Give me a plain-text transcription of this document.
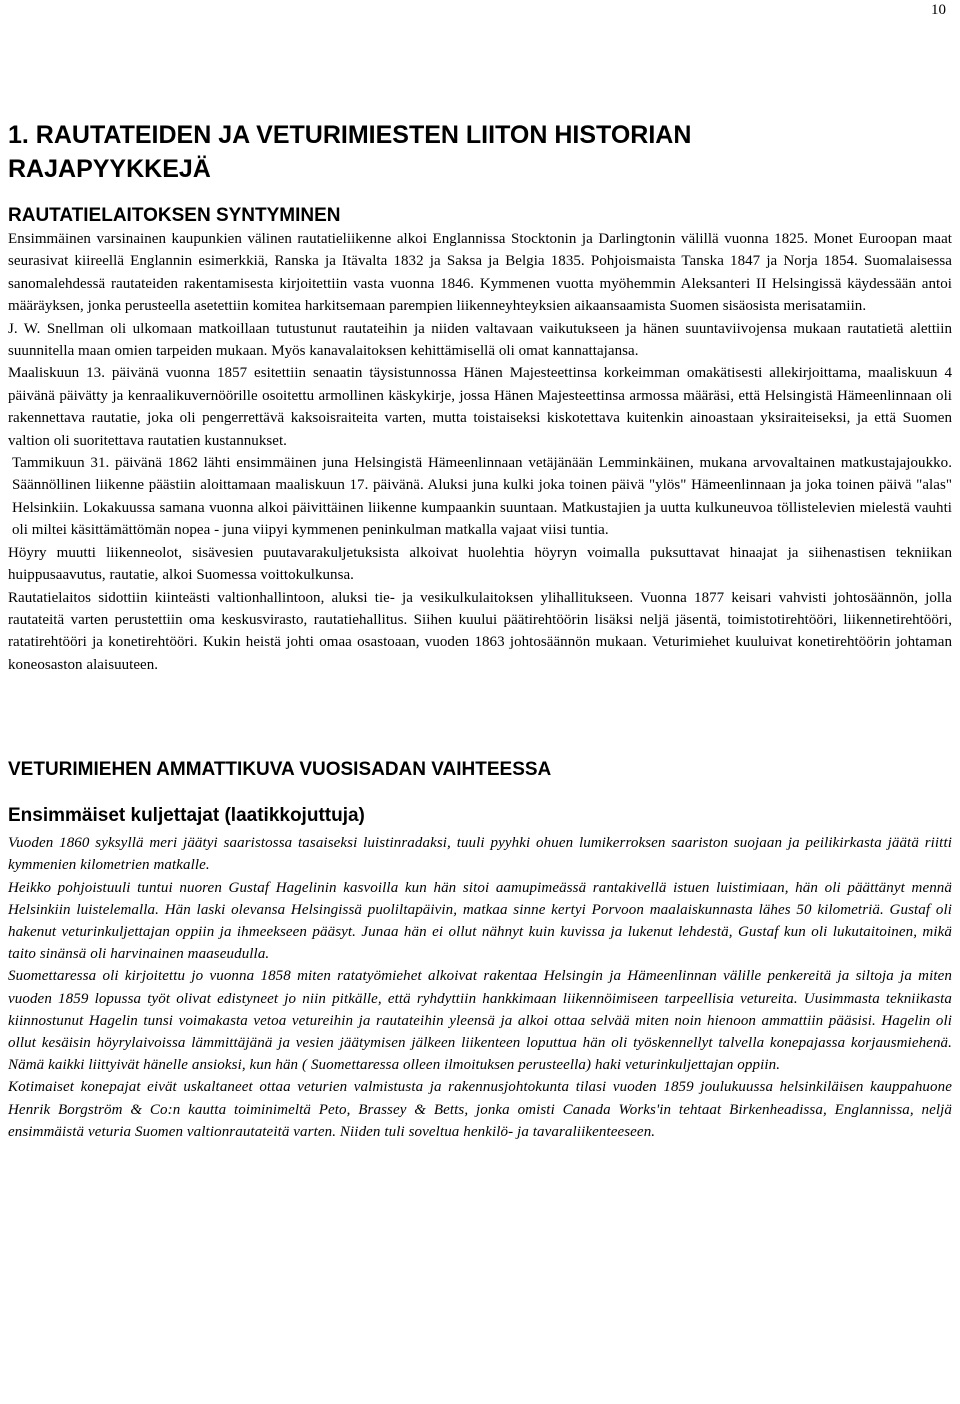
10
1. RAUTATEIDEN JA VETURIMIESTEN LIITON HISTORIAN
RAJAPYYKKEJÄ
RAUTATIELAITOKSEN SYNTYMINEN

Ensimmäinen varsinainen kaupunkien välinen rautatieliikenne alkoi Englannissa Stocktonin ja Darlingtonin välillä vuonna 1825. Monet Euroopan maat seurasivat kiireellä Englannin esimerkkiä, Ranska ja Itävalta 1832 ja Saksa ja Belgia 1835. Pohjoismaista Tanska 1847 ja Norja 1854. Suomalaisessa sanomalehdessä rautateiden rakentamisesta kirjoitettiin vasta vuonna 1846. Kymmenen vuotta myöhemmin Aleksanteri II Helsingissä käydessään antoi määräyksen, jonka perusteella asetettiin komitea harkitsemaan parempien liikenneyhteyksien aikaansaamista Suomen sisäosista merisatamiin.

J. W. Snellman oli ulkomaan matkoillaan tutustunut rautateihin ja niiden valtavaan vaikutukseen ja hänen suuntaviivojensa mukaan rautatietä alettiin suunnitella maan omien tarpeiden mukaan. Myös kanavalaitoksen kehittämisellä oli omat kannattajansa.

Maaliskuun 13. päivänä vuonna 1857 esitettiin senaatin täysistunnossa Hänen Majesteettinsa korkeimman omakätisesti allekirjoittama, maaliskuun 4 päivänä päivätty ja kenraalikuvernöörille osoitettu armollinen käskykirje, jossa Hänen Majesteettinsa armossa määräsi, että Helsingistä Hämeenlinnaan oli rakennettava rautatie, joka oli pengerrettävä kaksoisraiteita varten, mutta toistaiseksi kiskotettava kuitenkin ainoastaan yksiraiteiseksi, ja että Suomen valtion oli suoritettava rautatien kustannukset.

Tammikuun 31. päivänä 1862 lähti ensimmäinen juna Helsingistä Hämeenlinnaan vetäjänään Lemminkäinen, mukana arvovaltainen matkustajajoukko. Säännöllinen liikenne päästiin aloittamaan maaliskuun 17. päivänä. Aluksi juna kulki joka toinen päivä "ylös" Hämeenlinnaan ja joka toinen päivä "alas" Helsinkiin. Lokakuussa samana vuonna alkoi päivittäinen liikenne kumpaankin suuntaan. Matkustajien ja uutta kulkuneuvoa töllistelevien mielestä vauhti oli miltei käsittämättömän nopea - juna viipyi kymmenen peninkulman matkalla vajaat viisi tuntia.

Höyry muutti liikenneolot, sisävesien puutavarakuljetuksista alkoivat huolehtia höyryn voimalla puksuttavat hinaajat ja siihenastisen tekniikan huippusaavutus, rautatie, alkoi Suomessa voittokulkunsa.

Rautatielaitos sidottiin kiinteästi valtionhallintoon, aluksi tie- ja vesikulkulaitoksen ylihallitukseen. Vuonna 1877 keisari vahvisti johtosäännön, jolla rautateitä varten perustettiin oma keskusvirasto, rautatiehallitus. Siihen kuului päätirehtöörin lisäksi neljä jäsentä, toimistotirehtööri, liikennetirehtööri, ratatirehtööri ja konetirehtööri. Kukin heistä johti omaa osastoaan, vuoden 1863 johtosäännön mukaan. Veturimiehet kuuluivat konetirehtöörin johtaman koneosaston alaisuuteen.

VETURIMIEHEN AMMATTIKUVA VUOSISADAN VAIHTEESSA
Ensimmäiset kuljettajat (laatikkojuttuja)

Vuoden 1860 syksyllä meri jäätyi saaristossa tasaiseksi luistinradaksi, tuuli pyyhki ohuen lumikerroksen saariston suojaan ja peilikirkasta jäätä riitti kymmenien kilometrien matkalle.

Heikko pohjoistuuli tuntui nuoren Gustaf Hagelinin kasvoilla kun hän sitoi aamupimeässä rantakivellä istuen luistimiaan, hän oli päättänyt mennä Helsinkiin luistelemalla. Hän laski olevansa Helsingissä puoliltapäivin, matkaa sinne kertyi Porvoon maalaiskunnasta lähes 50 kilometriä. Gustaf oli hakenut veturinkuljettajan oppiin ja ihmeekseen pääsyt. Junaa hän ei ollut nähnyt kuin kuvissa ja lukenut lehdestä, Gustaf kun oli lukutaitoinen, mikä taito sinänsä oli harvinainen maaseudulla.

Suomettaressa oli kirjoitettu jo vuonna 1858 miten ratatyömiehet alkoivat rakentaa Helsingin ja Hämeenlinnan välille penkereitä ja siltoja ja miten vuoden 1859 lopussa työt olivat edistyneet jo niin pitkälle, että ryhdyttiin hankkimaan liikennöimiseen tarpeellisia vetureita. Uusimmasta tekniikasta kiinnostunut Hagelin tunsi voimakasta vetoa vetureihin ja rautateihin yleensä ja alkoi ottaa selvää miten noin hienoon ammattiin pääsisi. Hagelin oli ollut kesäisin höyrylaivoissa lämmittäjänä ja vesien jäätymisen jälkeen liikenteen loputtua hän oli työskennellyt talvella konepajassa korjausmiehenä. Nämä kaikki liittyivät hänelle ansioksi, kun hän ( Suomettaressa olleen ilmoituksen perusteella) haki veturinkuljettajan oppiin.

Kotimaiset konepajat eivät uskaltaneet ottaa veturien valmistusta ja rakennusjohtokunta tilasi vuoden 1859 joulukuussa helsinkiläisen kauppahuone Henrik Borgström & Co:n kautta toiminimeltä Peto, Brassey & Betts, jonka omisti Canada Works'in tehtaat Birkenheadissa, Englannissa, neljä ensimmäistä veturia Suomen valtionrautateitä varten. Niiden tuli soveltua henkilö- ja tavaraliikenteeseen.
